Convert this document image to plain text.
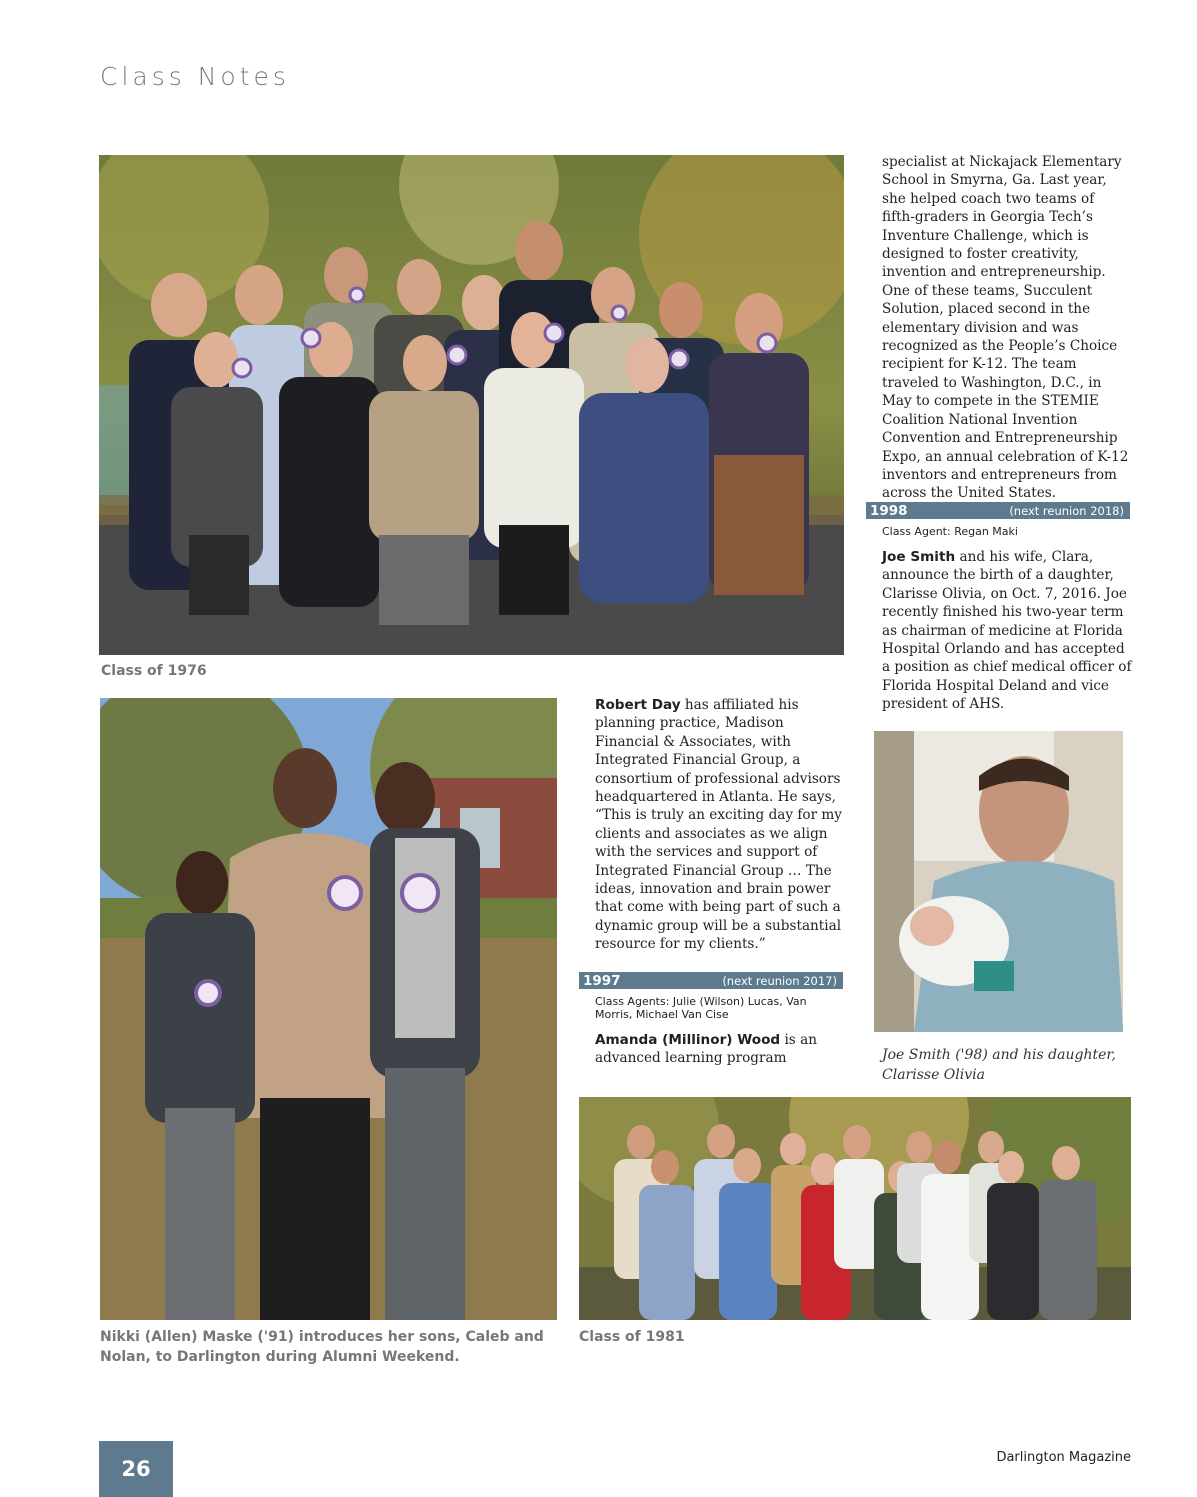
Class Notes
Class of 1976
Nikki (Allen) Maske ('91) introduces her sons, Caleb and Nolan, to Darlington during Alumni Weekend.
Robert Day has affiliated his planning practice, Madison Financial & Associates, with Integrated Financial Group, a consortium of professional advisors headquartered in Atlanta. He says, “This is truly an exciting day for my clients and associates as we align with the services and support of Integrated Financial Group … The ideas, innovation and brain power that come with being part of such a dynamic group will be a substantial resource for my clients.”
1997	(next reunion 2017)
Class Agents: Julie (Wilson) Lucas, Van Morris, Michael Van Cise
Amanda (Millinor) Wood is an advanced learning program
specialist at Nickajack Elementary School in Smyrna, Ga. Last year, she helped coach two teams of fifth-graders in Georgia Tech’s Inventure Challenge, which is designed to foster creativity, invention and entrepreneurship. One of these teams, Succulent Solution, placed second in the elementary division and was recognized as the People’s Choice recipient for K-12. The team traveled to Washington, D.C., in May to compete in the STEMIE Coalition National Invention Convention and Entrepreneurship Expo, an annual celebration of K-12 inventors and entrepreneurs from across the United States.
1998	(next reunion 2018)
Class Agent: Regan Maki
Joe Smith and his wife, Clara, announce the birth of a daughter, Clarisse Olivia, on Oct. 7, 2016. Joe recently finished his two-year term as chairman of medicine at Florida Hospital Orlando and has accepted a position as chief medical officer of Florida Hospital Deland and vice president of AHS.
Joe Smith ('98) and his daughter, Clarisse Olivia
Class of 1981
26	Darlington Magazine
